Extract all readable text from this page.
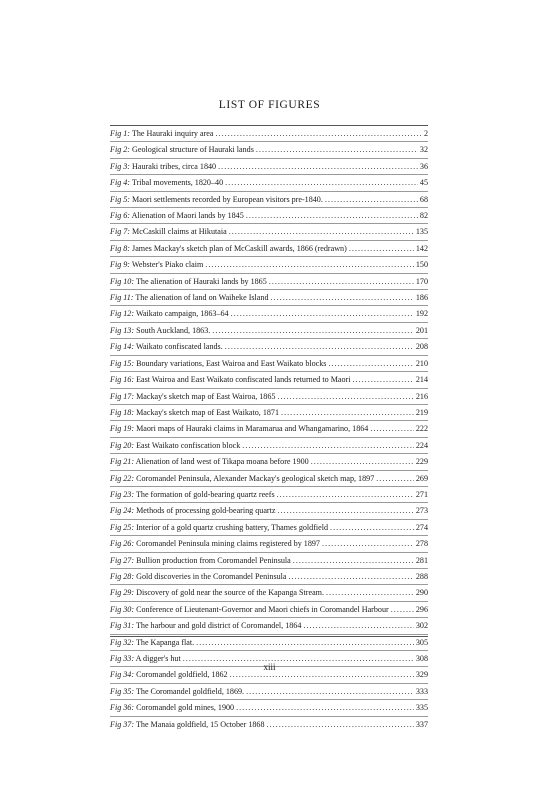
LIST OF FIGURES
Fig 1: The Hauraki inquiry area . . .	2
Fig 2: Geological structure of Hauraki lands . . .	32
Fig 3: Hauraki tribes, circa 1840 . . .	36
Fig 4: Tribal movements, 1820–40 . . .	45
Fig 5: Maori settlements recorded by European visitors pre-1840. . . .	68
Fig 6: Alienation of Maori lands by 1845 . . .	82
Fig 7: McCaskill claims at Hikutaia . . .	135
Fig 8: James Mackay's sketch plan of McCaskill awards, 1866 (redrawn) . . .	142
Fig 9: Webster's Piako claim . . .	150
Fig 10: The alienation of Hauraki lands by 1865 . . .	170
Fig 11: The alienation of land on Waiheke Island . . .	186
Fig 12: Waikato campaign, 1863–64 . . .	192
Fig 13: South Auckland, 1863. . . .	201
Fig 14: Waikato confiscated lands. . . .	208
Fig 15: Boundary variations, East Wairoa and East Waikato blocks . . .	210
Fig 16: East Wairoa and East Waikato confiscated lands returned to Maori . . .	214
Fig 17: Mackay's sketch map of East Wairoa, 1865 . . .	216
Fig 18: Mackay's sketch map of East Waikato, 1871 . . .	219
Fig 19: Maori maps of Hauraki claims in Maramarua and Whangamarino, 1864 . . .	222
Fig 20: East Waikato confiscation block . . .	224
Fig 21: Alienation of land west of Tikapa moana before 1900 . . .	229
Fig 22: Coromandel Peninsula, Alexander Mackay's geological sketch map, 1897 . . .	269
Fig 23: The formation of gold-bearing quartz reefs . . .	271
Fig 24: Methods of processing gold-bearing quartz . . .	273
Fig 25: Interior of a gold quartz crushing battery, Thames goldfield . . .	274
Fig 26: Coromandel Peninsula mining claims registered by 1897 . . .	278
Fig 27: Bullion production from Coromandel Peninsula . . .	281
Fig 28: Gold discoveries in the Coromandel Peninsula . . .	288
Fig 29: Discovery of gold near the source of the Kapanga Stream. . . .	290
Fig 30: Conference of Lieutenant-Governor and Maori chiefs in Coromandel Harbour . . .	296
Fig 31: The harbour and gold district of Coromandel, 1864 . . .	302
Fig 32: The Kapanga flat. . . .	305
Fig 33: A digger's hut . . .	308
Fig 34: Coromandel goldfield, 1862 . . .	329
Fig 35: The Coromandel goldfield, 1869. . . .	333
Fig 36: Coromandel gold mines, 1900 . . .	335
Fig 37: The Manaia goldfield, 15 October 1868 . . .	337
xiii
